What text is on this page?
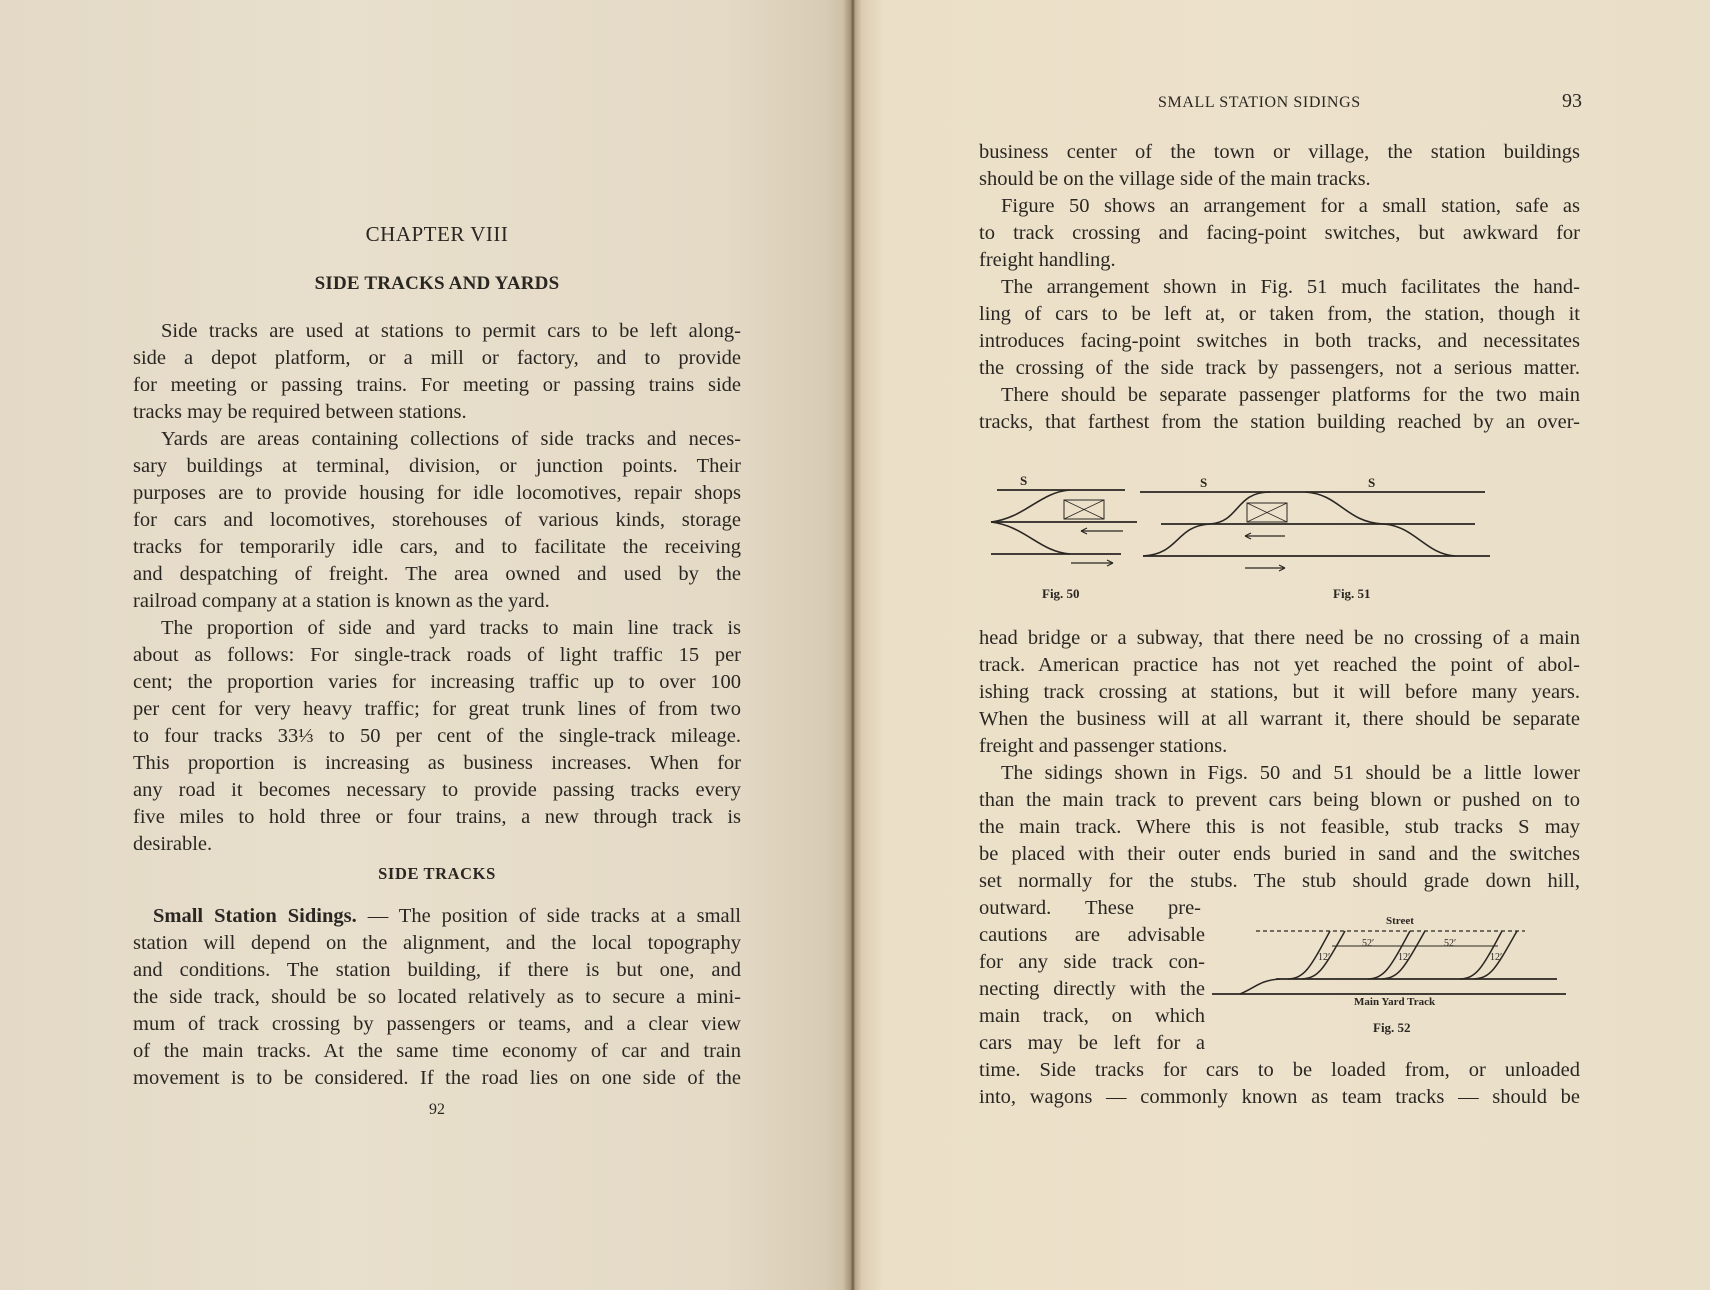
CHAPTER VIII
SIDE TRACKS AND YARDS
Side tracks are used at stations to permit cars to be left along-
side a depot platform, or a mill or factory, and to provide
for meeting or passing trains. For meeting or passing trains side
tracks may be required between stations.
Yards are areas containing collections of side tracks and neces-
sary buildings at terminal, division, or junction points. Their
purposes are to provide housing for idle locomotives, repair shops
for cars and locomotives, storehouses of various kinds, storage
tracks for temporarily idle cars, and to facilitate the receiving
and despatching of freight. The area owned and used by the
railroad company at a station is known as the yard.
The proportion of side and yard tracks to main line track is
about as follows: For single-track roads of light traffic 15 per
cent; the proportion varies for increasing traffic up to over 100
per cent for very heavy traffic; for great trunk lines of from two
to four tracks 33⅓ to 50 per cent of the single-track mileage.
This proportion is increasing as business increases. When for
any road it becomes necessary to provide passing tracks every
five miles to hold three or four trains, a new through track is
desirable.
SIDE TRACKS
Small Station Sidings. — The position of side tracks at a small
station will depend on the alignment, and the local topography
and conditions. The station building, if there is but one, and
the side track, should be so located relatively as to secure a mini-
mum of track crossing by passengers or teams, and a clear view
of the main tracks. At the same time economy of car and train
movement is to be considered. If the road lies on one side of the
92
SMALL STATION SIDINGS	93
business center of the town or village, the station buildings
should be on the village side of the main tracks.
Figure 50 shows an arrangement for a small station, safe as
to track crossing and facing-point switches, but awkward for
freight handling.
The arrangement shown in Fig. 51 much facilitates the hand-
ling of cars to be left at, or taken from, the station, though it
introduces facing-point switches in both tracks, and necessitates
the crossing of the side track by passengers, not a serious matter.
There should be separate passenger platforms for the two main
tracks, that farthest from the station building reached by an over-
S	S	S
Fig. 50	Fig. 51
head bridge or a subway, that there need be no crossing of a main
track. American practice has not yet reached the point of abol-
ishing track crossing at stations, but it will before many years.
When the business will at all warrant it, there should be separate
freight and passenger stations.
The sidings shown in Figs. 50 and 51 should be a little lower
than the main track to prevent cars being blown or pushed on to
the main track. Where this is not feasible, stub tracks S may
be placed with their outer ends buried in sand and the switches
set normally for the stubs. The stub should grade down hill,
outward. These pre-
cautions are advisable
for any side track con-
necting directly with the
main track, on which
cars may be left for a
Street
52′	52′
12′	12′	12′
Main Yard Track
Fig. 52
time. Side tracks for cars to be loaded from, or unloaded
into, wagons — commonly known as team tracks — should be
